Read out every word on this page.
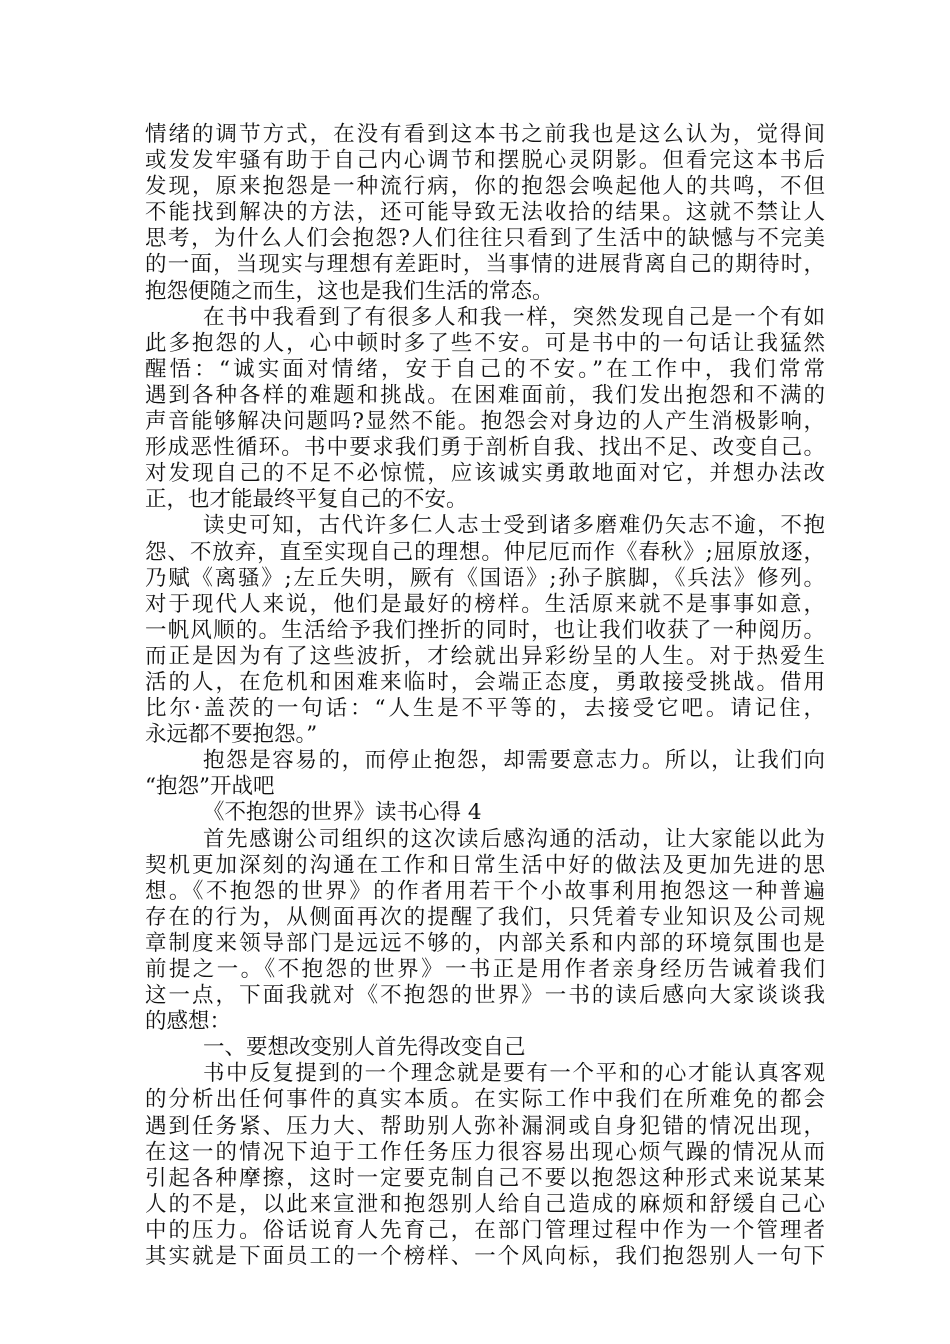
情绪的调节方式，在没有看到这本书之前我也是这么认为，觉得间
或发发牢骚有助于自己内心调节和摆脱心灵阴影。但看完这本书后
发现，原来抱怨是一种流行病，你的抱怨会唤起他人的共鸣，不但
不能找到解决的方法，还可能导致无法收拾的结果。这就不禁让人
思考，为什么人们会抱怨?人们往往只看到了生活中的缺憾与不完美
的一面，当现实与理想有差距时，当事情的进展背离自己的期待时，
抱怨便随之而生，这也是我们生活的常态。
在书中我看到了有很多人和我一样，突然发现自己是一个有如
此多抱怨的人，心中顿时多了些不安。可是书中的一句话让我猛然
醒悟：“诚实面对情绪，安于自己的不安。”在工作中，我们常常
遇到各种各样的难题和挑战。在困难面前，我们发出抱怨和不满的
声音能够解决问题吗?显然不能。抱怨会对身边的人产生消极影响，
形成恶性循环。书中要求我们勇于剖析自我、找出不足、改变自己。
对发现自己的不足不必惊慌，应该诚实勇敢地面对它，并想办法改
正，也才能最终平复自己的不安。
读史可知，古代许多仁人志士受到诸多磨难仍矢志不逾，不抱
怨、不放弃，直至实现自己的理想。仲尼厄而作《春秋》;屈原放逐，
乃赋《离骚》;左丘失明，厥有《国语》;孙子膑脚，《兵法》修列。
对于现代人来说，他们是最好的榜样。生活原来就不是事事如意，
一帆风顺的。生活给予我们挫折的同时，也让我们收获了一种阅历。
而正是因为有了这些波折，才绘就出异彩纷呈的人生。对于热爱生
活的人，在危机和困难来临时，会端正态度，勇敢接受挑战。借用
比尔·盖茨的一句话：“人生是不平等的，去接受它吧。请记住，
永远都不要抱怨。”
抱怨是容易的，而停止抱怨，却需要意志力。所以，让我们向
“抱怨”开战吧
《不抱怨的世界》读书心得 4
首先感谢公司组织的这次读后感沟通的活动，让大家能以此为
契机更加深刻的沟通在工作和日常生活中好的做法及更加先进的思
想。《不抱怨的世界》的作者用若干个小故事利用抱怨这一种普遍
存在的行为，从侧面再次的提醒了我们，只凭着专业知识及公司规
章制度来领导部门是远远不够的，内部关系和内部的环境氛围也是
前提之一。《不抱怨的世界》一书正是用作者亲身经历告诫着我们
这一点，下面我就对《不抱怨的世界》一书的读后感向大家谈谈我
的感想：
一、要想改变别人首先得改变自己
书中反复提到的一个理念就是要有一个平和的心才能认真客观
的分析出任何事件的真实本质。在实际工作中我们在所难免的都会
遇到任务紧、压力大、帮助别人弥补漏洞或自身犯错的情况出现，
在这一的情况下迫于工作任务压力很容易出现心烦气躁的情况从而
引起各种摩擦，这时一定要克制自己不要以抱怨这种形式来说某某
人的不是，以此来宣泄和抱怨别人给自己造成的麻烦和舒缓自己心
中的压力。俗话说育人先育己，在部门管理过程中作为一个管理者
其实就是下面员工的一个榜样、一个风向标，我们抱怨别人一句下
